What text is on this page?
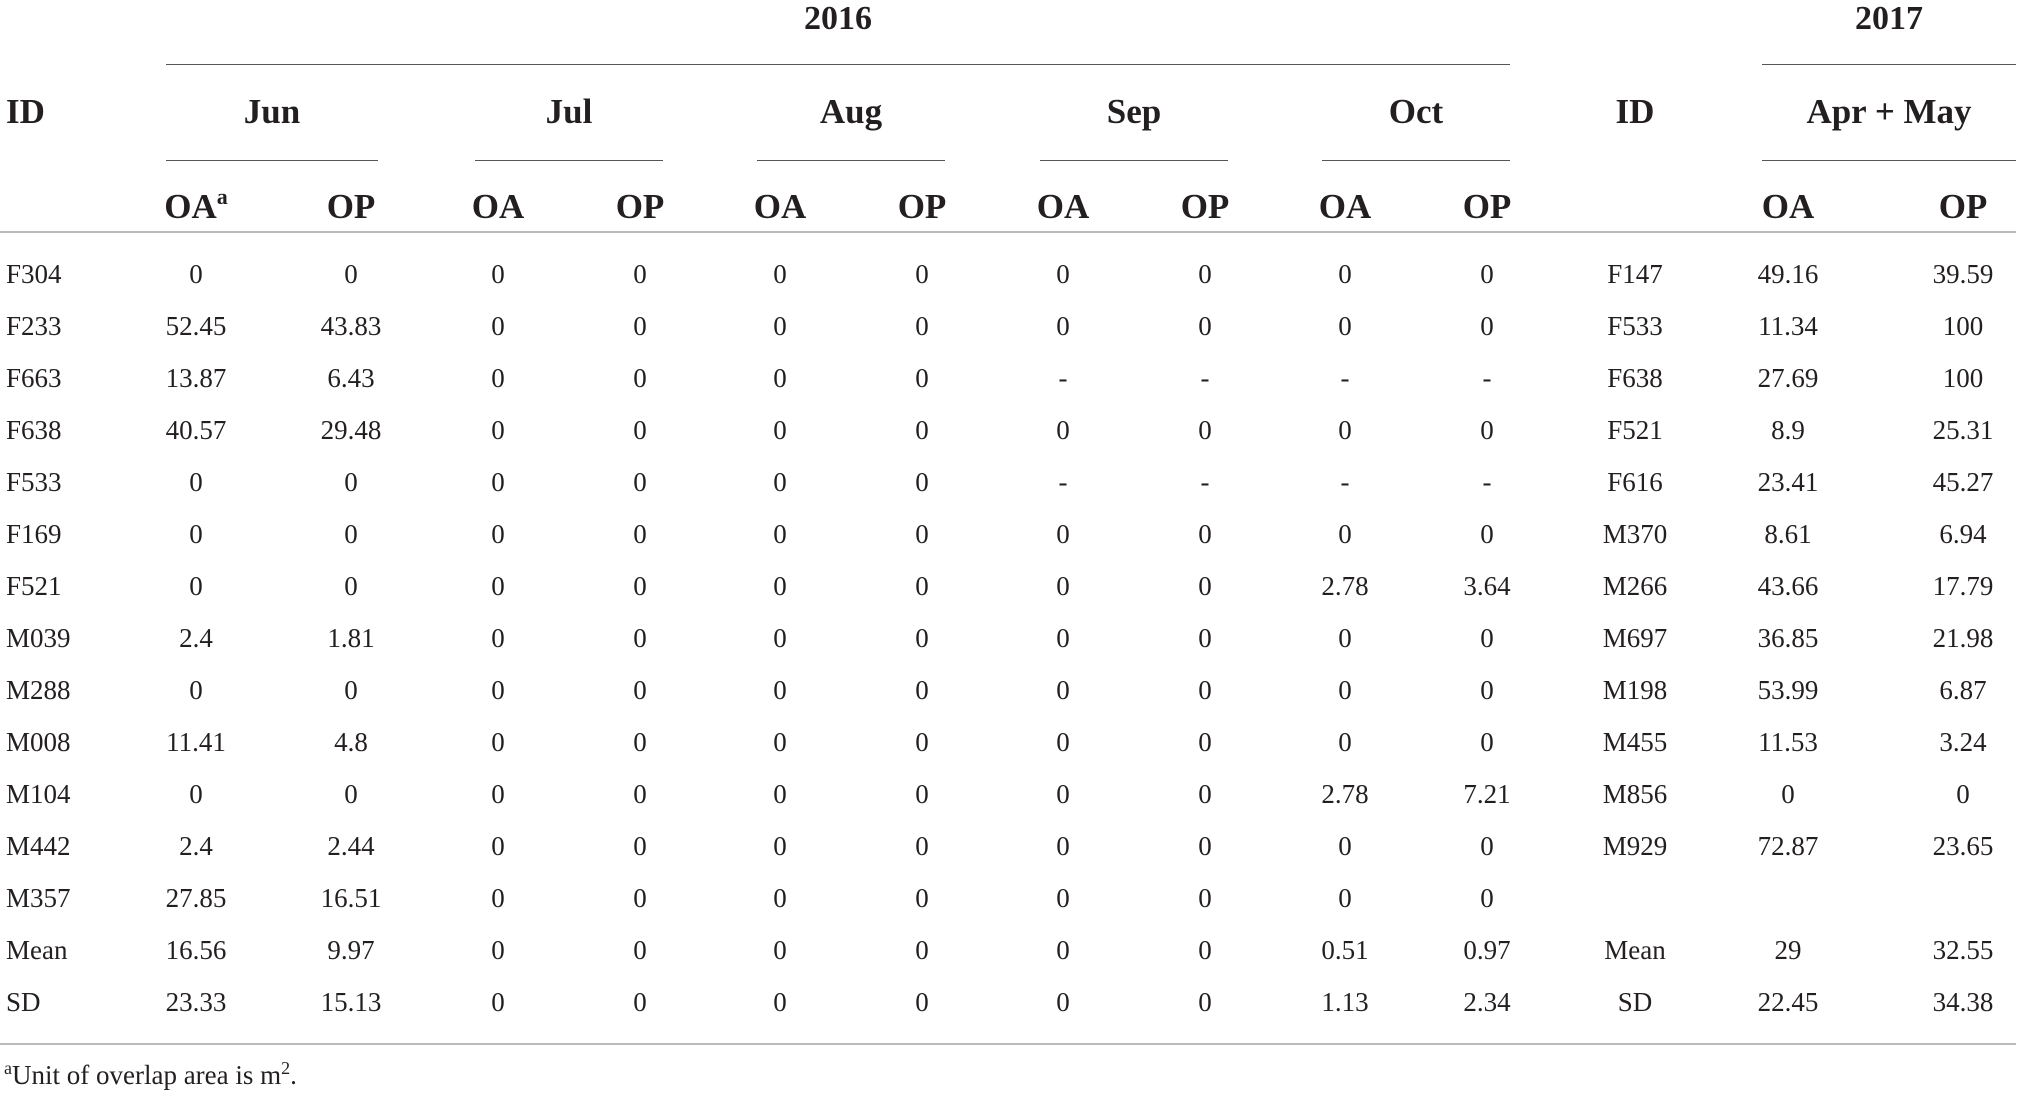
2016	2017
ID	ID
Jun	Jul	Aug	Sep	Oct	Apr + May
$OA^a$	OP	OA	OP	OA	OP	OA	OP	OA	OP	OA	OP
F304	0	0	0	0	0	0	0	0	0	0	F147	49.16	39.59
F233	52.45	43.83	0	0	0	0	0	0	0	0	F533	11.34	100
F663	13.87	6.43	0	0	0	0	-	-	-	-	F638	27.69	100
F638	40.57	29.48	0	0	0	0	0	0	0	0	F521	8.9	25.31
F533	0	0	0	0	0	0	-	-	-	-	F616	23.41	45.27
F169	0	0	0	0	0	0	0	0	0	0	M370	8.61	6.94
F521	0	0	0	0	0	0	0	0	2.78	3.64	M266	43.66	17.79
M039	2.4	1.81	0	0	0	0	0	0	0	0	M697	36.85	21.98
M288	0	0	0	0	0	0	0	0	0	0	M198	53.99	6.87
M008	11.41	4.8	0	0	0	0	0	0	0	0	M455	11.53	3.24
M104	0	0	0	0	0	0	0	0	2.78	7.21	M856	0	0
M442	2.4	2.44	0	0	0	0	0	0	0	0	M929	72.87	23.65
M357	27.85	16.51	0	0	0	0	0	0	0	0
Mean	16.56	9.97	0	0	0	0	0	0	0.51	0.97	Mean	29	32.55
SD	23.33	15.13	0	0	0	0	0	0	1.13	2.34	SD	22.45	34.38
$^a$Unit of overlap area is $m^2$.
